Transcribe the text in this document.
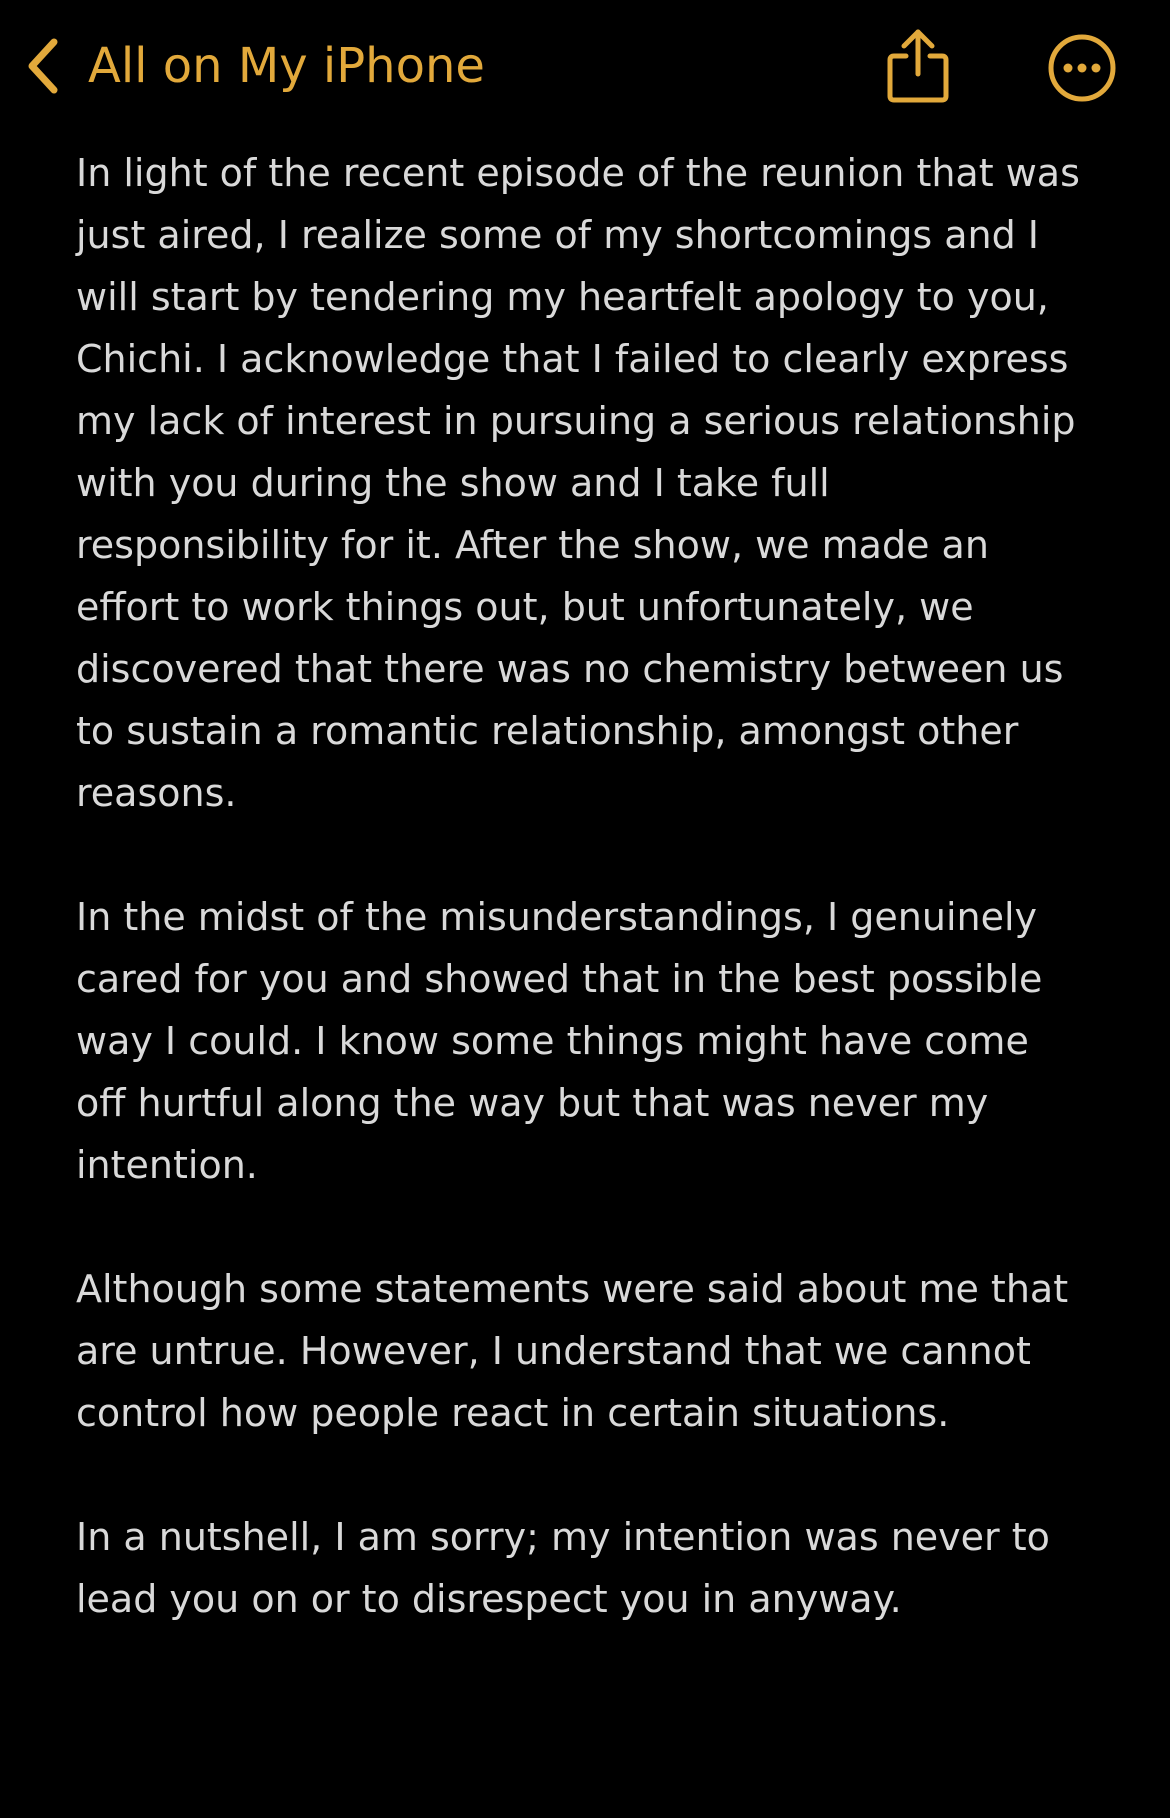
All on My iPhone

In light of the recent episode of the reunion that was
just aired, I realize some of my shortcomings and I
will start by tendering my heartfelt apology to you,
Chichi. I acknowledge that I failed to clearly express
my lack of interest in pursuing a serious relationship
with you during the show and I take full
responsibility for it. After the show, we made an
effort to work things out, but unfortunately, we
discovered that there was no chemistry between us
to sustain a romantic relationship, amongst other
reasons.

In the midst of the misunderstandings, I genuinely
cared for you and showed that in the best possible
way I could. I know some things might have come
off hurtful along the way but that was never my
intention.

Although some statements were said about me that
are untrue. However, I understand that we cannot
control how people react in certain situations.

In a nutshell, I am sorry; my intention was never to
lead you on or to disrespect you in anyway.
